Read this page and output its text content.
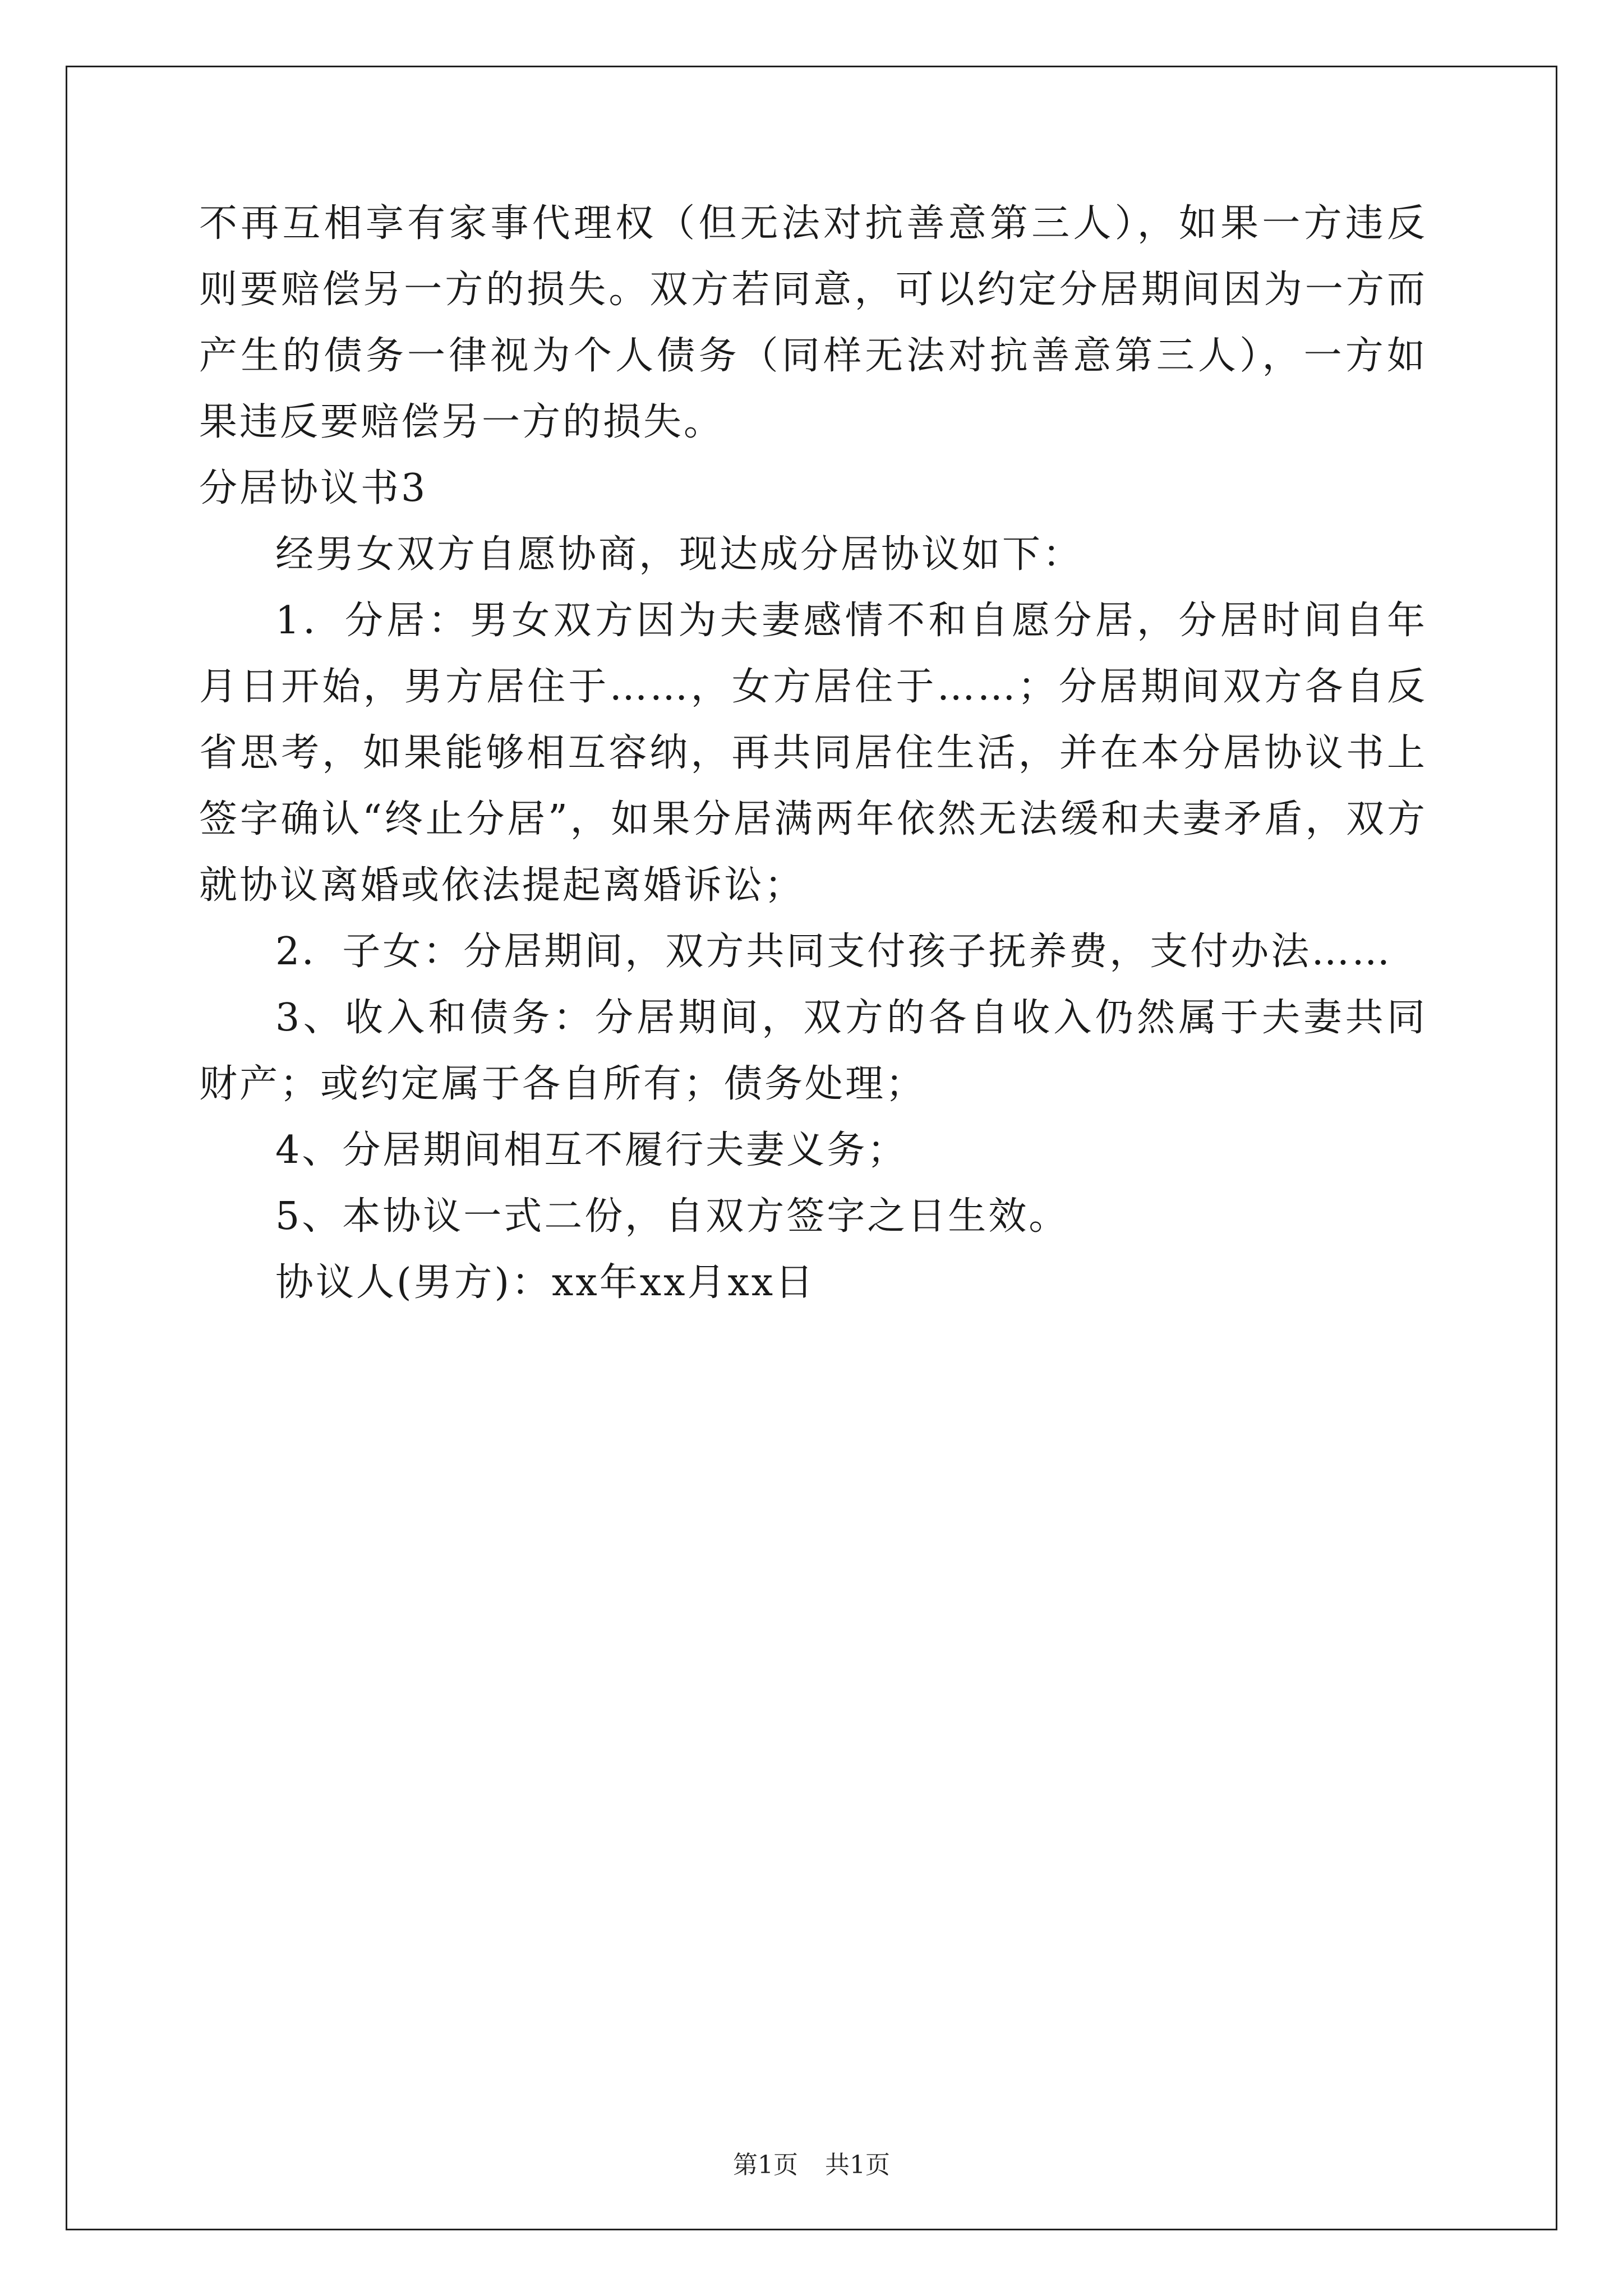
不再互相享有家事代理权（但无法对抗善意第三人），如果一方违反则要赔偿另一方的损失。双方若同意，可以约定分居期间因为一方而产生的债务一律视为个人债务（同样无法对抗善意第三人），一方如果违反要赔偿另一方的损失。

分居协议书3

经男女双方自愿协商，现达成分居协议如下：

1．分居：男女双方因为夫妻感情不和自愿分居，分居时间自年月日开始，男方居住于……，女方居住于……；分居期间双方各自反省思考，如果能够相互容纳，再共同居住生活，并在本分居协议书上签字确认“终止分居”，如果分居满两年依然无法缓和夫妻矛盾，双方就协议离婚或依法提起离婚诉讼；

2．子女：分居期间，双方共同支付孩子抚养费，支付办法……

3、收入和债务：分居期间，双方的各自收入仍然属于夫妻共同财产；或约定属于各自所有；债务处理；

4、分居期间相互不履行夫妻义务；

5、本协议一式二份，自双方签字之日生效。

协议人(男方)：xx年xx月xx日

第1页 共1页
